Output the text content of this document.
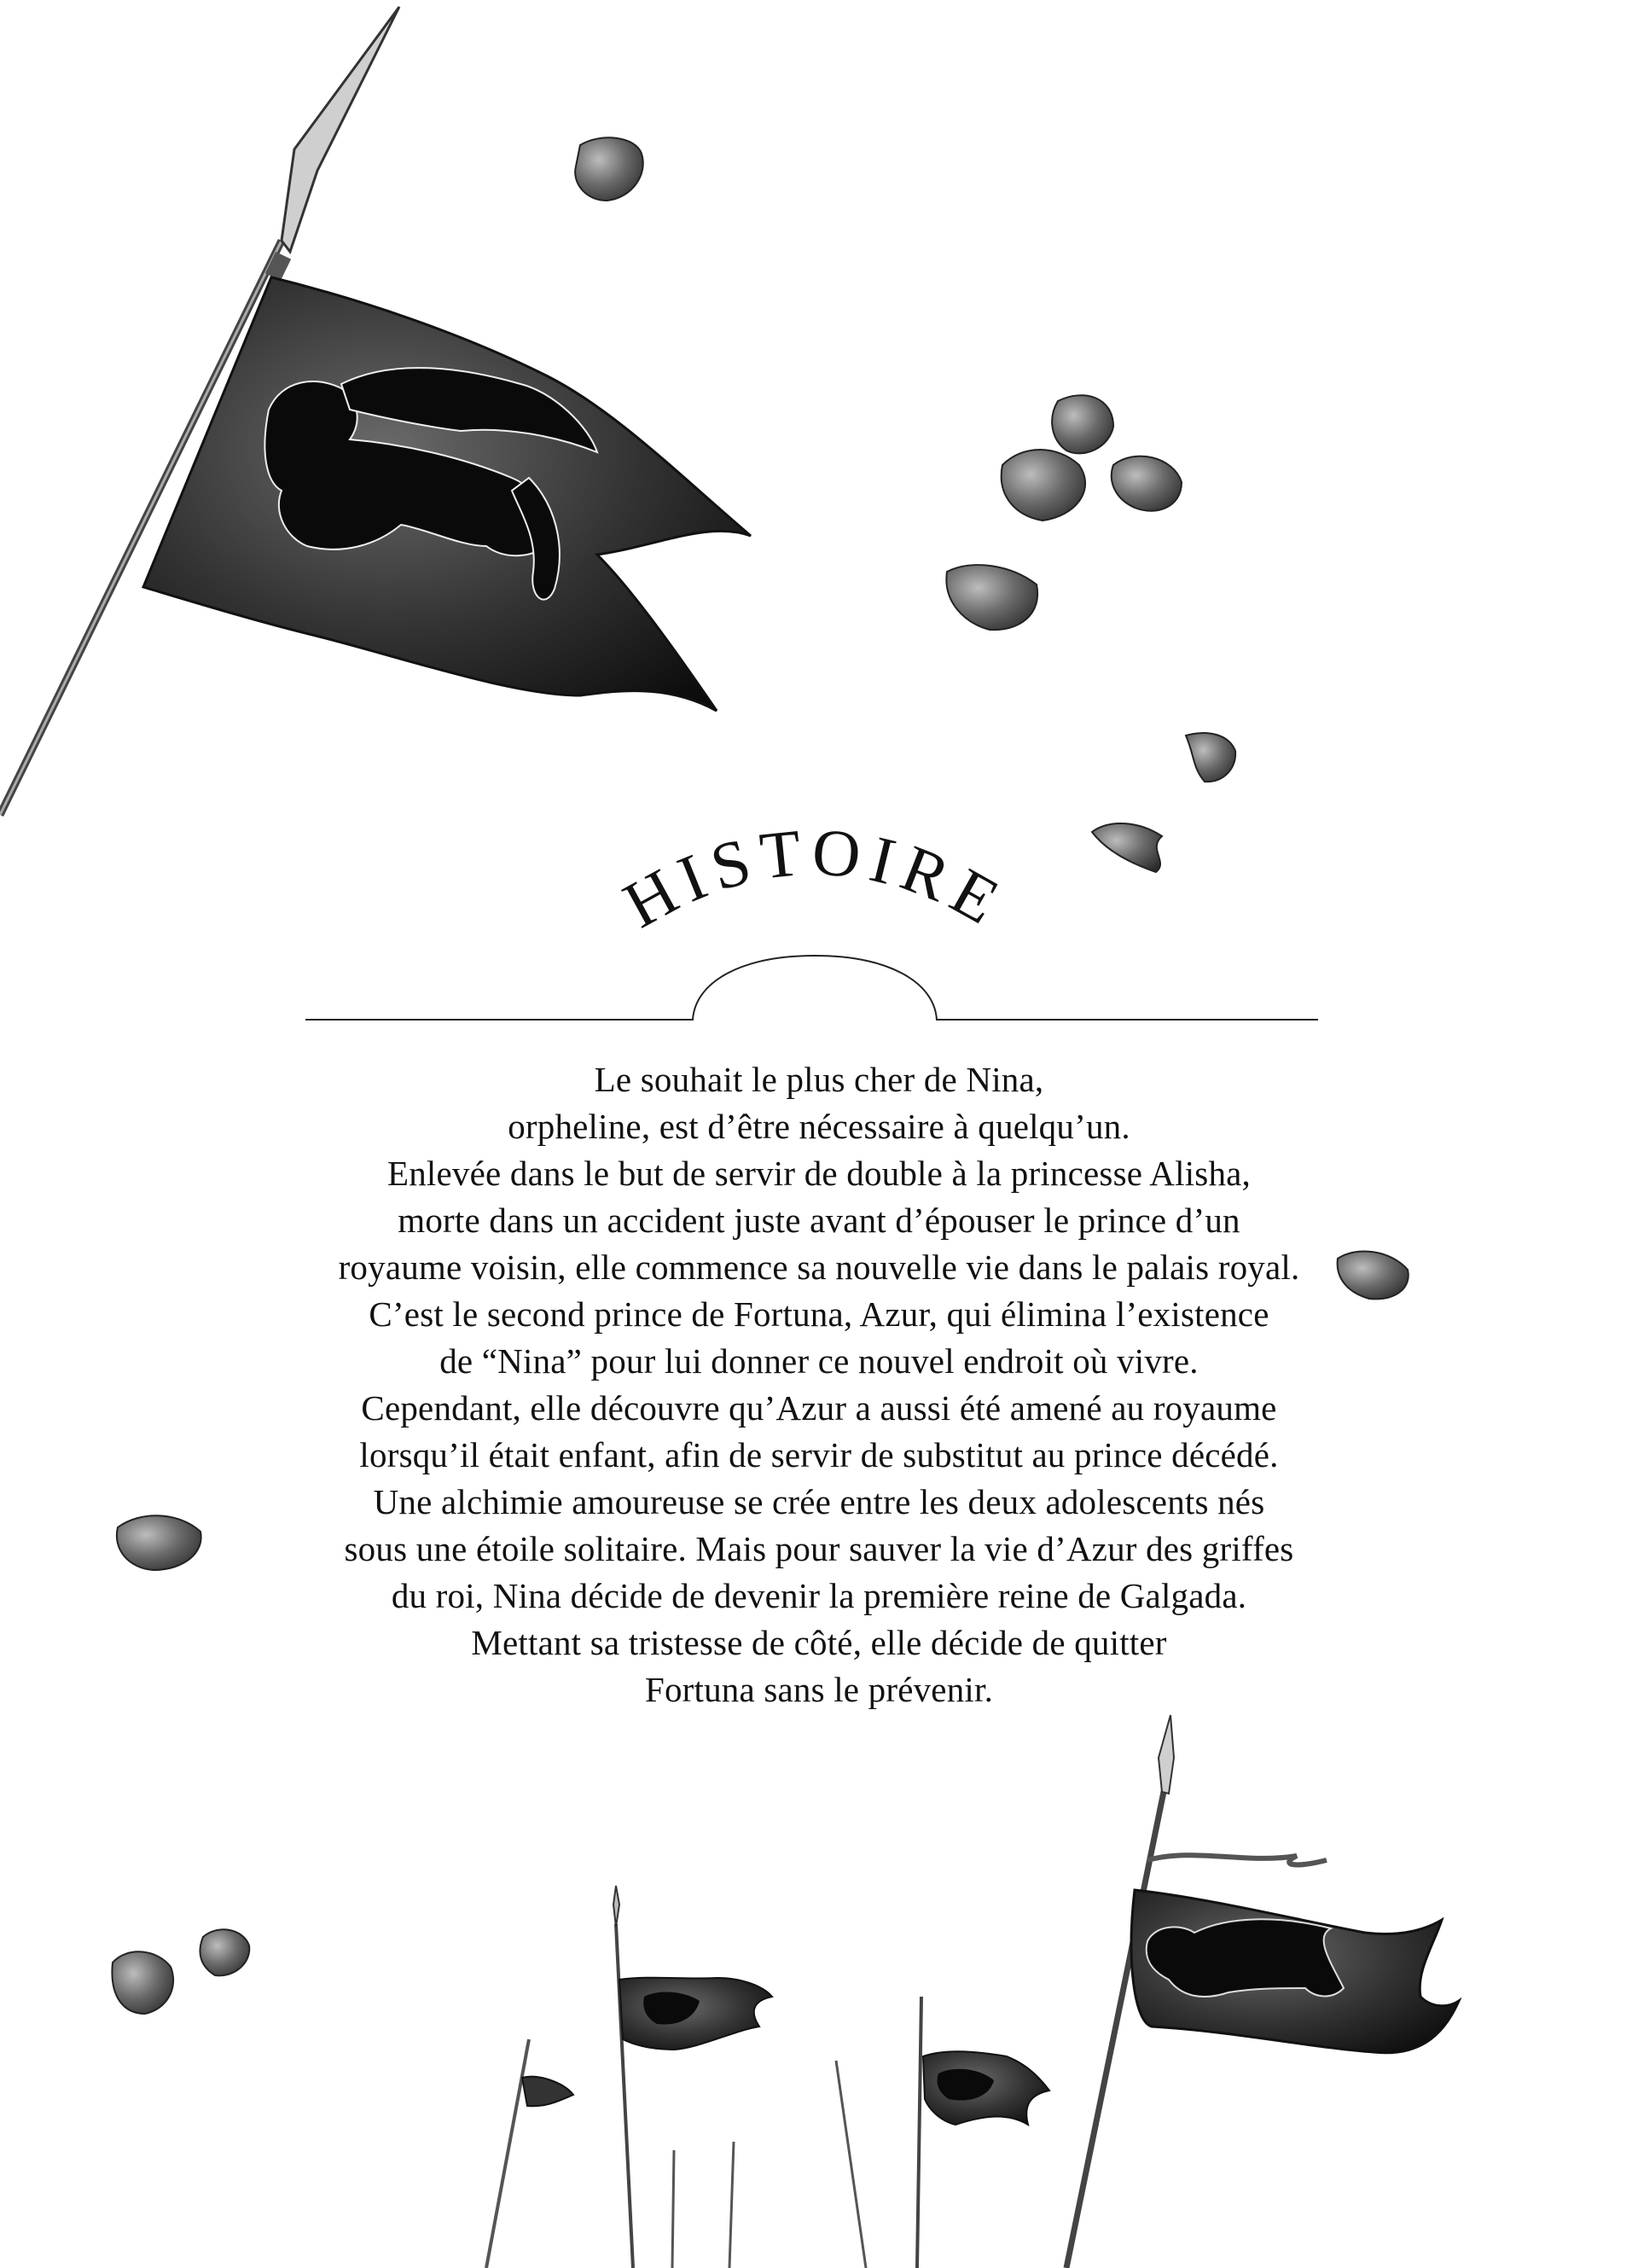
HISTOIRE
Le souhait le plus cher de Nina,
orpheline, est d’être nécessaire à quelqu’un.
Enlevée dans le but de servir de double à la princesse Alisha,
morte dans un accident juste avant d’épouser le prince d’un
royaume voisin, elle commence sa nouvelle vie dans le palais royal.
C’est le second prince de Fortuna, Azur, qui élimina l’existence
de “Nina” pour lui donner ce nouvel endroit où vivre.
Cependant, elle découvre qu’Azur a aussi été amené au royaume
lorsqu’il était enfant, afin de servir de substitut au prince décédé.
Une alchimie amoureuse se crée entre les deux adolescents nés
sous une étoile solitaire. Mais pour sauver la vie d’Azur des griffes
du roi, Nina décide de devenir la première reine de Galgada.
Mettant sa tristesse de côté, elle décide de quitter
Fortuna sans le prévenir.
